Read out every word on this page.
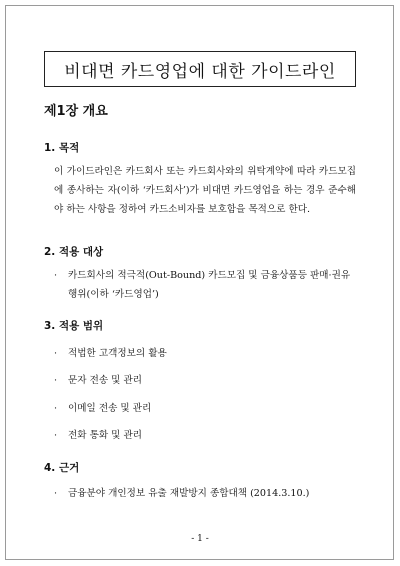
비대면 카드영업에 대한 가이드라인
제1장 개요
1. 목적
이 가이드라인은 카드회사 또는 카드회사와의 위탁계약에 따라 카드모집에 종사하는 자(이하 ‘카드회사’)가 비대면 카드영업을 하는 경우 준수해야 하는 사항을 정하여 카드소비자를 보호함을 목적으로 한다.
2. 적용 대상
·	카드회사의 적극적(Out-Bound) 카드모집 및 금융상품등 판매·권유행위(이하 ‘카드영업’)
3. 적용 범위
·	적법한 고객정보의 활용
·	문자 전송 및 관리
·	이메일 전송 및 관리
·	전화 통화 및 관리
4. 근거
·	금융분야 개인정보 유출 재발방지 종합대책 (2014.3.10.)
- 1 -
